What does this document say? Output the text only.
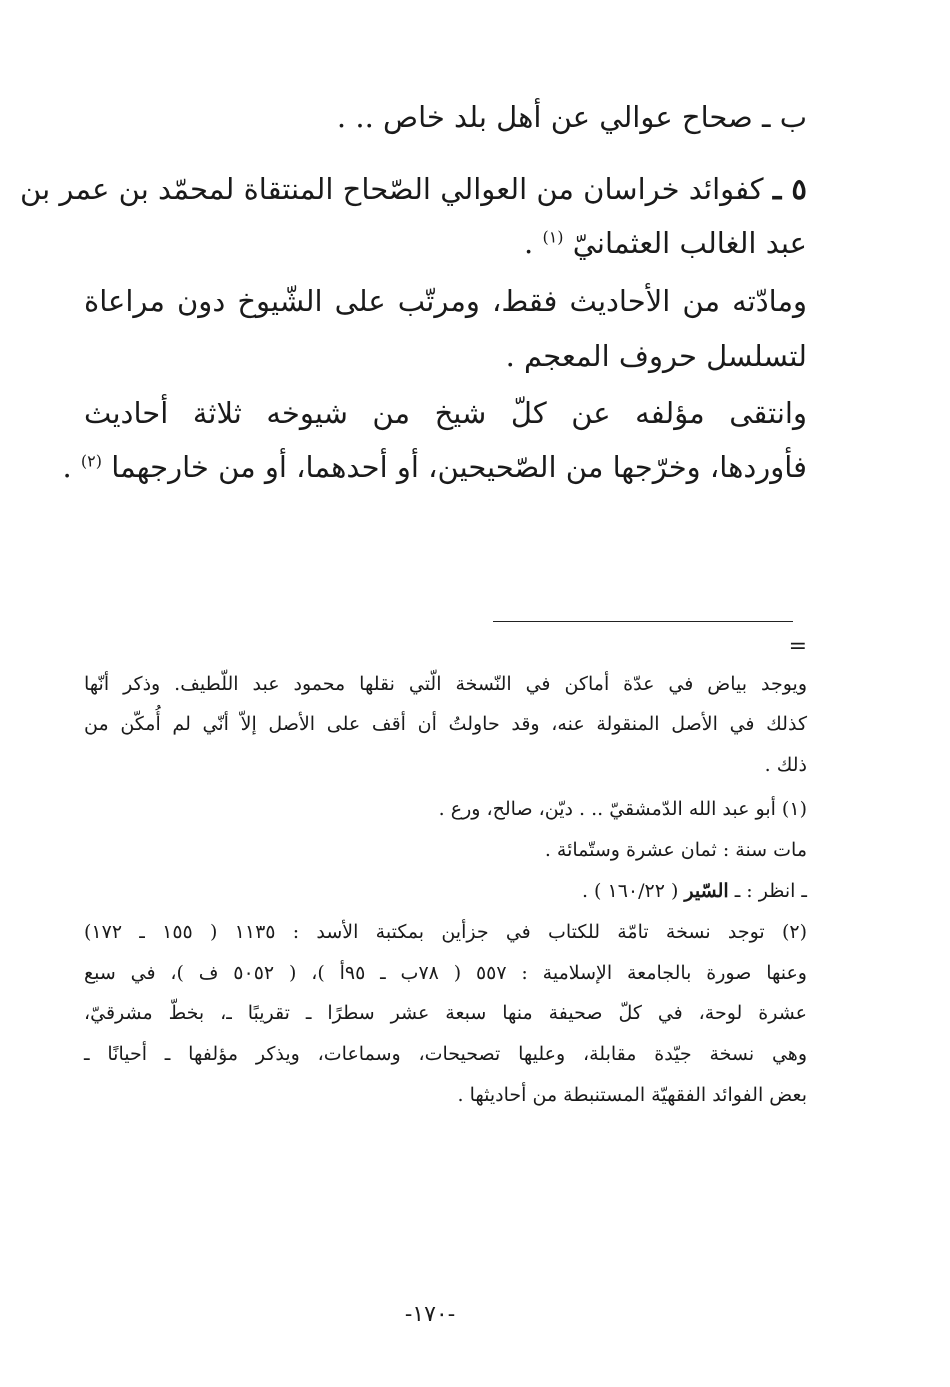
ب ـ صحاح عوالي عن أهل بلد خاص .. .
٥ ـ كفوائد خراسان من العوالي الصّحاح المنتقاة لمحمّد بن عمر بن
عبد الغالب العثمانيّ $^{(١)}$ .
ومادّته من الأحاديث فقط، ومرتّب على الشّيوخ دون مراعاة
لتسلسل حروف المعجم .
وانتقى مؤلفه عن كلّ شيخ من شيوخه ثلاثة أحاديث
فأوردها، وخرّجها من الصّحيحين، أو أحدهما، أو من خارجهما $^{(٢)}$ .
=
ويوجد بياض في عدّة أماكن في النّسخة الّتي نقلها محمود عبد اللّطيف. وذكر أنّها
كذلك في الأصل المنقولة عنه، وقد حاولتُ أن أقف على الأصل إلاّ أنّي لم أُمكّن من
ذلك .
(١) أبو عبد الله الدّمشقيّ .. . ديّن، صالح، ورع .
مات سنة : ثمان عشرة وستّمائة .
ـ انظر : ـ السّير ( ١٦٠/٢٢ ) .
(٢) توجد نسخة تامّة للكتاب في جزأين بمكتبة الأسد : ١١٣٥ ( ١٥٥ ـ ١٧٢)
وعنها صورة بالجامعة الإسلامية : ٥٥٧ ( ٧٨ب ـ ٩٥أ )، ( ٥٠٥٢ ف )، في سبع
عشرة لوحة، في كلّ صحيفة منها سبعة عشر سطرًا ـ تقريبًا ـ، بخطّ مشرقيّ،
وهي نسخة جيّدة مقابلة، وعليها تصحيحات، وسماعات، ويذكر مؤلفها ـ أحيانًا ـ
بعض الفوائد الفقهيّة المستنبطة من أحاديثها .
-١٧٠-
